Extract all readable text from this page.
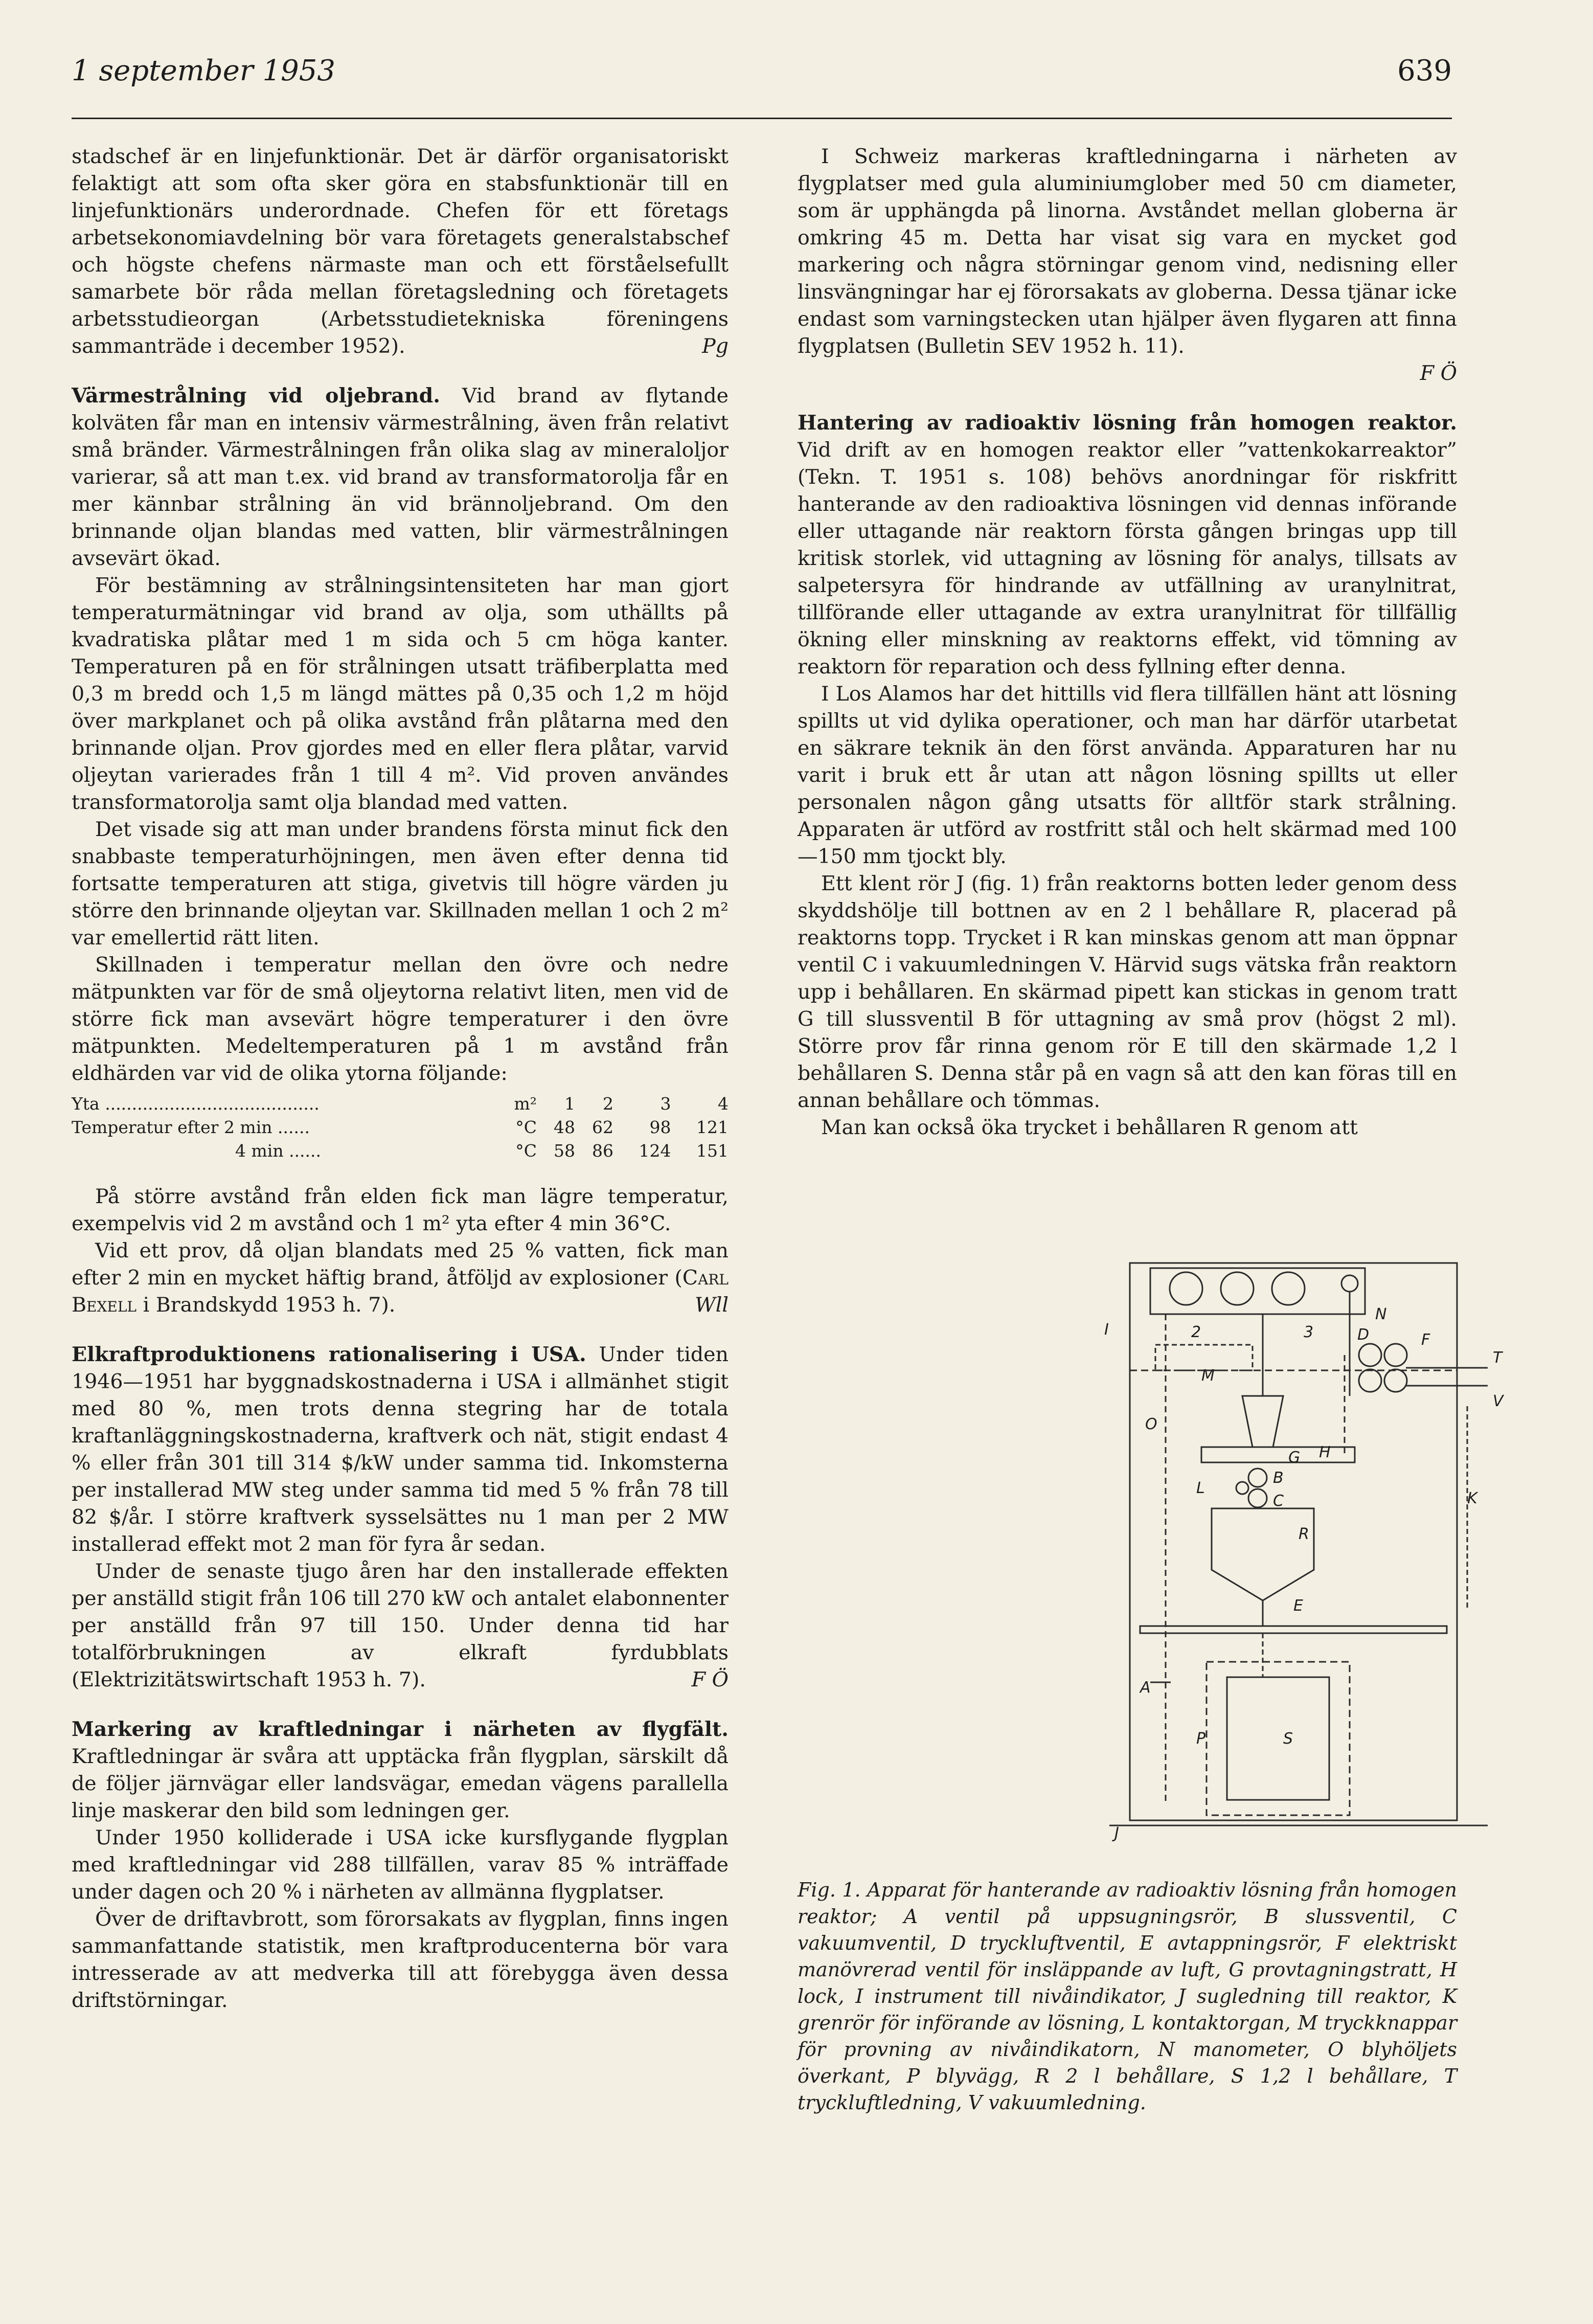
1 september 1953	639

stadschef är en linjefunktionär. Det är därför organisatoriskt felaktigt att som ofta sker göra en stabsfunktionär till en linjefunktionärs underordnade. Chefen för ett företags arbetsekonomiavdelning bör vara företagets generalstabschef och högste chefens närmaste man och ett förståelsefullt samarbete bör råda mellan företagsledning och företagets arbetsstudieorgan (Arbetsstudietekniska föreningens sammanträde i december 1952).	Pg

Värmestrålning vid oljebrand. Vid brand av flytande kolväten får man en intensiv värmestrålning, även från relativt små bränder. Värmestrålningen från olika slag av mineraloljor varierar, så att man t.ex. vid brand av transformatorolja får en mer kännbar strålning än vid brännoljebrand. Om den brinnande oljan blandas med vatten, blir värmestrålningen avsevärt ökad.

För bestämning av strålningsintensiteten har man gjort temperaturmätningar vid brand av olja, som uthällts på kvadratiska plåtar med 1 m sida och 5 cm höga kanter. Temperaturen på en för strålningen utsatt träfiberplatta med 0,3 m bredd och 1,5 m längd mättes på 0,35 och 1,2 m höjd över markplanet och på olika avstånd från plåtarna med den brinnande oljan. Prov gjordes med en eller flera plåtar, varvid oljeytan varierades från 1 till 4 m². Vid proven användes transformatorolja samt olja blandad med vatten.

Det visade sig att man under brandens första minut fick den snabbaste temperaturhöjningen, men även efter denna tid fortsatte temperaturen att stiga, givetvis till högre värden ju större den brinnande oljeytan var. Skillnaden mellan 1 och 2 m² var emellertid rätt liten.

Skillnaden i temperatur mellan den övre och nedre mätpunkten var för de små oljeytorna relativt liten, men vid de större fick man avsevärt högre temperaturer i den övre mätpunkten. Medeltemperaturen på 1 m avstånd från eldhärden var vid de olika ytorna följande:

Yta ........................................	m²	1	2	3	4
Temperatur efter 2 min ......	°C	48	62	98	121
4 min ......	°C	58	86	124	151

På större avstånd från elden fick man lägre temperatur, exempelvis vid 2 m avstånd och 1 m² yta efter 4 min 36°C.

Vid ett prov, då oljan blandats med 25 % vatten, fick man efter 2 min en mycket häftig brand, åtföljd av explosioner (Carl Bexell i Brandskydd 1953 h. 7).	Wll

Elkraftproduktionens rationalisering i USA. Under tiden 1946—1951 har byggnadskostnaderna i USA i allmänhet stigit med 80 %, men trots denna stegring har de totala kraftanläggningskostnaderna, kraftverk och nät, stigit endast 4 % eller från 301 till 314 $/kW under samma tid. Inkomsterna per installerad MW steg under samma tid med 5 % från 78 till 82 $/år. I större kraftverk sysselsättes nu 1 man per 2 MW installerad effekt mot 2 man för fyra år sedan.

Under de senaste tjugo åren har den installerade effekten per anställd stigit från 106 till 270 kW och antalet elabonnenter per anställd från 97 till 150. Under denna tid har totalförbrukningen av elkraft fyrdubblats (Elektrizitätswirtschaft 1953 h. 7).	F Ö

Markering av kraftledningar i närheten av flygfält. Kraftledningar är svåra att upptäcka från flygplan, särskilt då de följer järnvägar eller landsvägar, emedan vägens parallella linje maskerar den bild som ledningen ger.

Under 1950 kolliderade i USA icke kursflygande flygplan med kraftledningar vid 288 tillfällen, varav 85 % inträffade under dagen och 20 % i närheten av allmänna flygplatser.

Över de driftavbrott, som förorsakats av flygplan, finns ingen sammanfattande statistik, men kraftproducenterna bör vara intresserade av att medverka till att förebygga även dessa driftstörningar.

I Schweiz markeras kraftledningarna i närheten av flygplatser med gula aluminiumglober med 50 cm diameter, som är upphängda på linorna. Avståndet mellan globerna är omkring 45 m. Detta har visat sig vara en mycket god markering och några störningar genom vind, nedisning eller linsvängningar har ej förorsakats av globerna. Dessa tjänar icke endast som varningstecken utan hjälper även flygaren att finna flygplatsen (Bulletin SEV 1952 h. 11).

F Ö

Hantering av radioaktiv lösning från homogen reaktor. Vid drift av en homogen reaktor eller ”vattenkokarreaktor” (Tekn. T. 1951 s. 108) behövs anordningar för riskfritt hanterande av den radioaktiva lösningen vid dennas införande eller uttagande när reaktorn första gången bringas upp till kritisk storlek, vid uttagning av lösning för analys, tillsats av salpetersyra för hindrande av utfällning av uranylnitrat, tillförande eller uttagande av extra uranylnitrat för tillfällig ökning eller minskning av reaktorns effekt, vid tömning av reaktorn för reparation och dess fyllning efter denna.

I Los Alamos har det hittills vid flera tillfällen hänt att lösning spillts ut vid dylika operationer, och man har därför utarbetat en säkrare teknik än den först använda. Apparaturen har nu varit i bruk ett år utan att någon lösning spillts ut eller personalen någon gång utsatts för alltför stark strålning. Apparaten är utförd av rostfritt stål och helt skärmad med 100—150 mm tjockt bly.

Ett klent rör J (fig. 1) från reaktorns botten leder genom dess skyddshölje till bottnen av en 2 l behållare R, placerad på reaktorns topp. Trycket i R kan minskas genom att man öppnar ventil C i vakuumledningen V. Härvid sugs vätska från reaktorn upp i behållaren. En skärmad pipett kan stickas in genom tratt G till slussventil B för uttagning av små prov (högst 2 ml). Större prov får rinna genom rör E till den skärmade 1,2 l behållaren S. Denna står på en vagn så att den kan föras till en annan behållare och tömmas.

Man kan också öka trycket i behållaren R genom att

I
N
T
V
D	F
M
H
O
G
L
B
C	K
R
E
A
P	S
J
2	3
Fig. 1. Apparat för hanterande av radioaktiv lösning från homogen reaktor; A ventil på uppsugningsrör, B slussventil, C vakuumventil, D tryckluftventil, E avtappningsrör, F elektriskt manövrerad ventil för insläppande av luft, G provtagningstratt, H lock, I instrument till nivåindikator, J sugledning till reaktor, K grenrör för införande av lösning, L kontaktorgan, M tryckknappar för provning av nivåindikatorn, N manometer, O blyhöljets överkant, P blyvägg, R 2 l behållare, S 1,2 l behållare, T tryckluftledning, V vakuumledning.
